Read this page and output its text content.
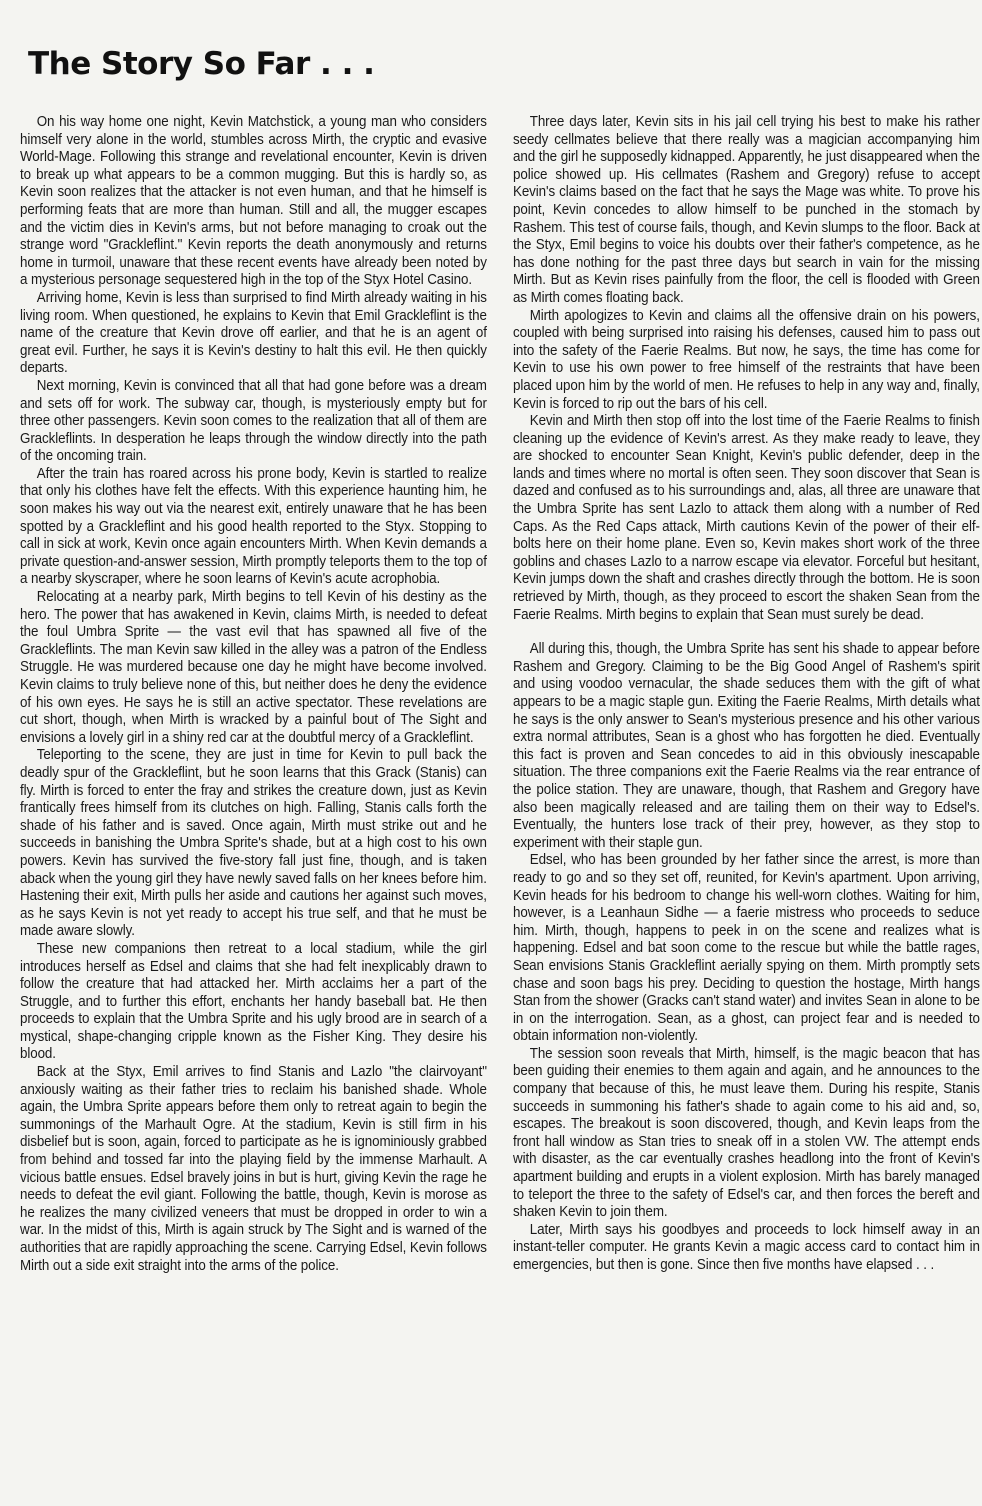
The Story So Far . . .

On his way home one night, Kevin Matchstick, a young man who considers himself very alone in the world, stumbles across Mirth, the cryptic and evasive World-Mage. Following this strange and revelational encounter, Kevin is driven to break up what appears to be a common mugging. But this is hardly so, as Kevin soon realizes that the attacker is not even human, and that he himself is performing feats that are more than human. Still and all, the mugger escapes and the victim dies in Kevin's arms, but not before managing to croak out the strange word "Grackleflint." Kevin reports the death anonymously and returns home in turmoil, unaware that these recent events have already been noted by a mysterious personage sequestered high in the top of the Styx Hotel Casino.

Arriving home, Kevin is less than surprised to find Mirth already waiting in his living room. When questioned, he explains to Kevin that Emil Grackleflint is the name of the creature that Kevin drove off earlier, and that he is an agent of great evil. Further, he says it is Kevin's destiny to halt this evil. He then quickly departs.

Next morning, Kevin is convinced that all that had gone before was a dream and sets off for work. The subway car, though, is mysteriously empty but for three other passengers. Kevin soon comes to the realization that all of them are Grackleflints. In desperation he leaps through the window directly into the path of the oncoming train.

After the train has roared across his prone body, Kevin is startled to realize that only his clothes have felt the effects. With this experience haunting him, he soon makes his way out via the nearest exit, entirely unaware that he has been spotted by a Grackleflint and his good health reported to the Styx. Stopping to call in sick at work, Kevin once again encounters Mirth. When Kevin demands a private question-and-answer session, Mirth promptly teleports them to the top of a nearby skyscraper, where he soon learns of Kevin's acute acrophobia.

Relocating at a nearby park, Mirth begins to tell Kevin of his destiny as the hero. The power that has awakened in Kevin, claims Mirth, is needed to defeat the foul Umbra Sprite — the vast evil that has spawned all five of the Grackleflints. The man Kevin saw killed in the alley was a patron of the Endless Struggle. He was murdered because one day he might have become involved. Kevin claims to truly believe none of this, but neither does he deny the evidence of his own eyes. He says he is still an active spectator. These revelations are cut short, though, when Mirth is wracked by a painful bout of The Sight and envisions a lovely girl in a shiny red car at the doubtful mercy of a Grackleflint.

Teleporting to the scene, they are just in time for Kevin to pull back the deadly spur of the Grackleflint, but he soon learns that this Grack (Stanis) can fly. Mirth is forced to enter the fray and strikes the creature down, just as Kevin frantically frees himself from its clutches on high. Falling, Stanis calls forth the shade of his father and is saved. Once again, Mirth must strike out and he succeeds in banishing the Umbra Sprite's shade, but at a high cost to his own powers. Kevin has survived the five-story fall just fine, though, and is taken aback when the young girl they have newly saved falls on her knees before him. Hastening their exit, Mirth pulls her aside and cautions her against such moves, as he says Kevin is not yet ready to accept his true self, and that he must be made aware slowly.

These new companions then retreat to a local stadium, while the girl introduces herself as Edsel and claims that she had felt inexplicably drawn to follow the creature that had attacked her. Mirth acclaims her a part of the Struggle, and to further this effort, enchants her handy baseball bat. He then proceeds to explain that the Umbra Sprite and his ugly brood are in search of a mystical, shape-changing cripple known as the Fisher King. They desire his blood.

Back at the Styx, Emil arrives to find Stanis and Lazlo "the clairvoyant" anxiously waiting as their father tries to reclaim his banished shade. Whole again, the Umbra Sprite appears before them only to retreat again to begin the summonings of the Marhault Ogre. At the stadium, Kevin is still firm in his disbelief but is soon, again, forced to participate as he is ignominiously grabbed from behind and tossed far into the playing field by the immense Marhault. A vicious battle ensues. Edsel bravely joins in but is hurt, giving Kevin the rage he needs to defeat the evil giant. Following the battle, though, Kevin is morose as he realizes the many civilized veneers that must be dropped in order to win a war. In the midst of this, Mirth is again struck by The Sight and is warned of the authorities that are rapidly approaching the scene. Carrying Edsel, Kevin follows Mirth out a side exit straight into the arms of the police.

Three days later, Kevin sits in his jail cell trying his best to make his rather seedy cellmates believe that there really was a magician accompanying him and the girl he supposedly kidnapped. Apparently, he just disappeared when the police showed up. His cellmates (Rashem and Gregory) refuse to accept Kevin's claims based on the fact that he says the Mage was white. To prove his point, Kevin concedes to allow himself to be punched in the stomach by Rashem. This test of course fails, though, and Kevin slumps to the floor. Back at the Styx, Emil begins to voice his doubts over their father's competence, as he has done nothing for the past three days but search in vain for the missing Mirth. But as Kevin rises painfully from the floor, the cell is flooded with Green as Mirth comes floating back.

Mirth apologizes to Kevin and claims all the offensive drain on his powers, coupled with being surprised into raising his defenses, caused him to pass out into the safety of the Faerie Realms. But now, he says, the time has come for Kevin to use his own power to free himself of the restraints that have been placed upon him by the world of men. He refuses to help in any way and, finally, Kevin is forced to rip out the bars of his cell.

Kevin and Mirth then stop off into the lost time of the Faerie Realms to finish cleaning up the evidence of Kevin's arrest. As they make ready to leave, they are shocked to encounter Sean Knight, Kevin's public defender, deep in the lands and times where no mortal is often seen. They soon discover that Sean is dazed and confused as to his surroundings and, alas, all three are unaware that the Umbra Sprite has sent Lazlo to attack them along with a number of Red Caps. As the Red Caps attack, Mirth cautions Kevin of the power of their elf-bolts here on their home plane. Even so, Kevin makes short work of the three goblins and chases Lazlo to a narrow escape via elevator. Forceful but hesitant, Kevin jumps down the shaft and crashes directly through the bottom. He is soon retrieved by Mirth, though, as they proceed to escort the shaken Sean from the Faerie Realms. Mirth begins to explain that Sean must surely be dead.

All during this, though, the Umbra Sprite has sent his shade to appear before Rashem and Gregory. Claiming to be the Big Good Angel of Rashem's spirit and using voodoo vernacular, the shade seduces them with the gift of what appears to be a magic staple gun. Exiting the Faerie Realms, Mirth details what he says is the only answer to Sean's mysterious presence and his other various extra normal attributes, Sean is a ghost who has forgotten he died. Eventually this fact is proven and Sean concedes to aid in this obviously inescapable situation. The three companions exit the Faerie Realms via the rear entrance of the police station. They are unaware, though, that Rashem and Gregory have also been magically released and are tailing them on their way to Edsel's. Eventually, the hunters lose track of their prey, however, as they stop to experiment with their staple gun.

Edsel, who has been grounded by her father since the arrest, is more than ready to go and so they set off, reunited, for Kevin's apartment. Upon arriving, Kevin heads for his bedroom to change his well-worn clothes. Waiting for him, however, is a Leanhaun Sidhe — a faerie mistress who proceeds to seduce him. Mirth, though, happens to peek in on the scene and realizes what is happening. Edsel and bat soon come to the rescue but while the battle rages, Sean envisions Stanis Grackleflint aerially spying on them. Mirth promptly sets chase and soon bags his prey. Deciding to question the hostage, Mirth hangs Stan from the shower (Gracks can't stand water) and invites Sean in alone to be in on the interrogation. Sean, as a ghost, can project fear and is needed to obtain information non-violently.

The session soon reveals that Mirth, himself, is the magic beacon that has been guiding their enemies to them again and again, and he announces to the company that because of this, he must leave them. During his respite, Stanis succeeds in summoning his father's shade to again come to his aid and, so, escapes. The breakout is soon discovered, though, and Kevin leaps from the front hall window as Stan tries to sneak off in a stolen VW. The attempt ends with disaster, as the car eventually crashes headlong into the front of Kevin's apartment building and erupts in a violent explosion. Mirth has barely managed to teleport the three to the safety of Edsel's car, and then forces the bereft and shaken Kevin to join them.

Later, Mirth says his goodbyes and proceeds to lock himself away in an instant-teller computer. He grants Kevin a magic access card to contact him in emergencies, but then is gone. Since then five months have elapsed . . .
